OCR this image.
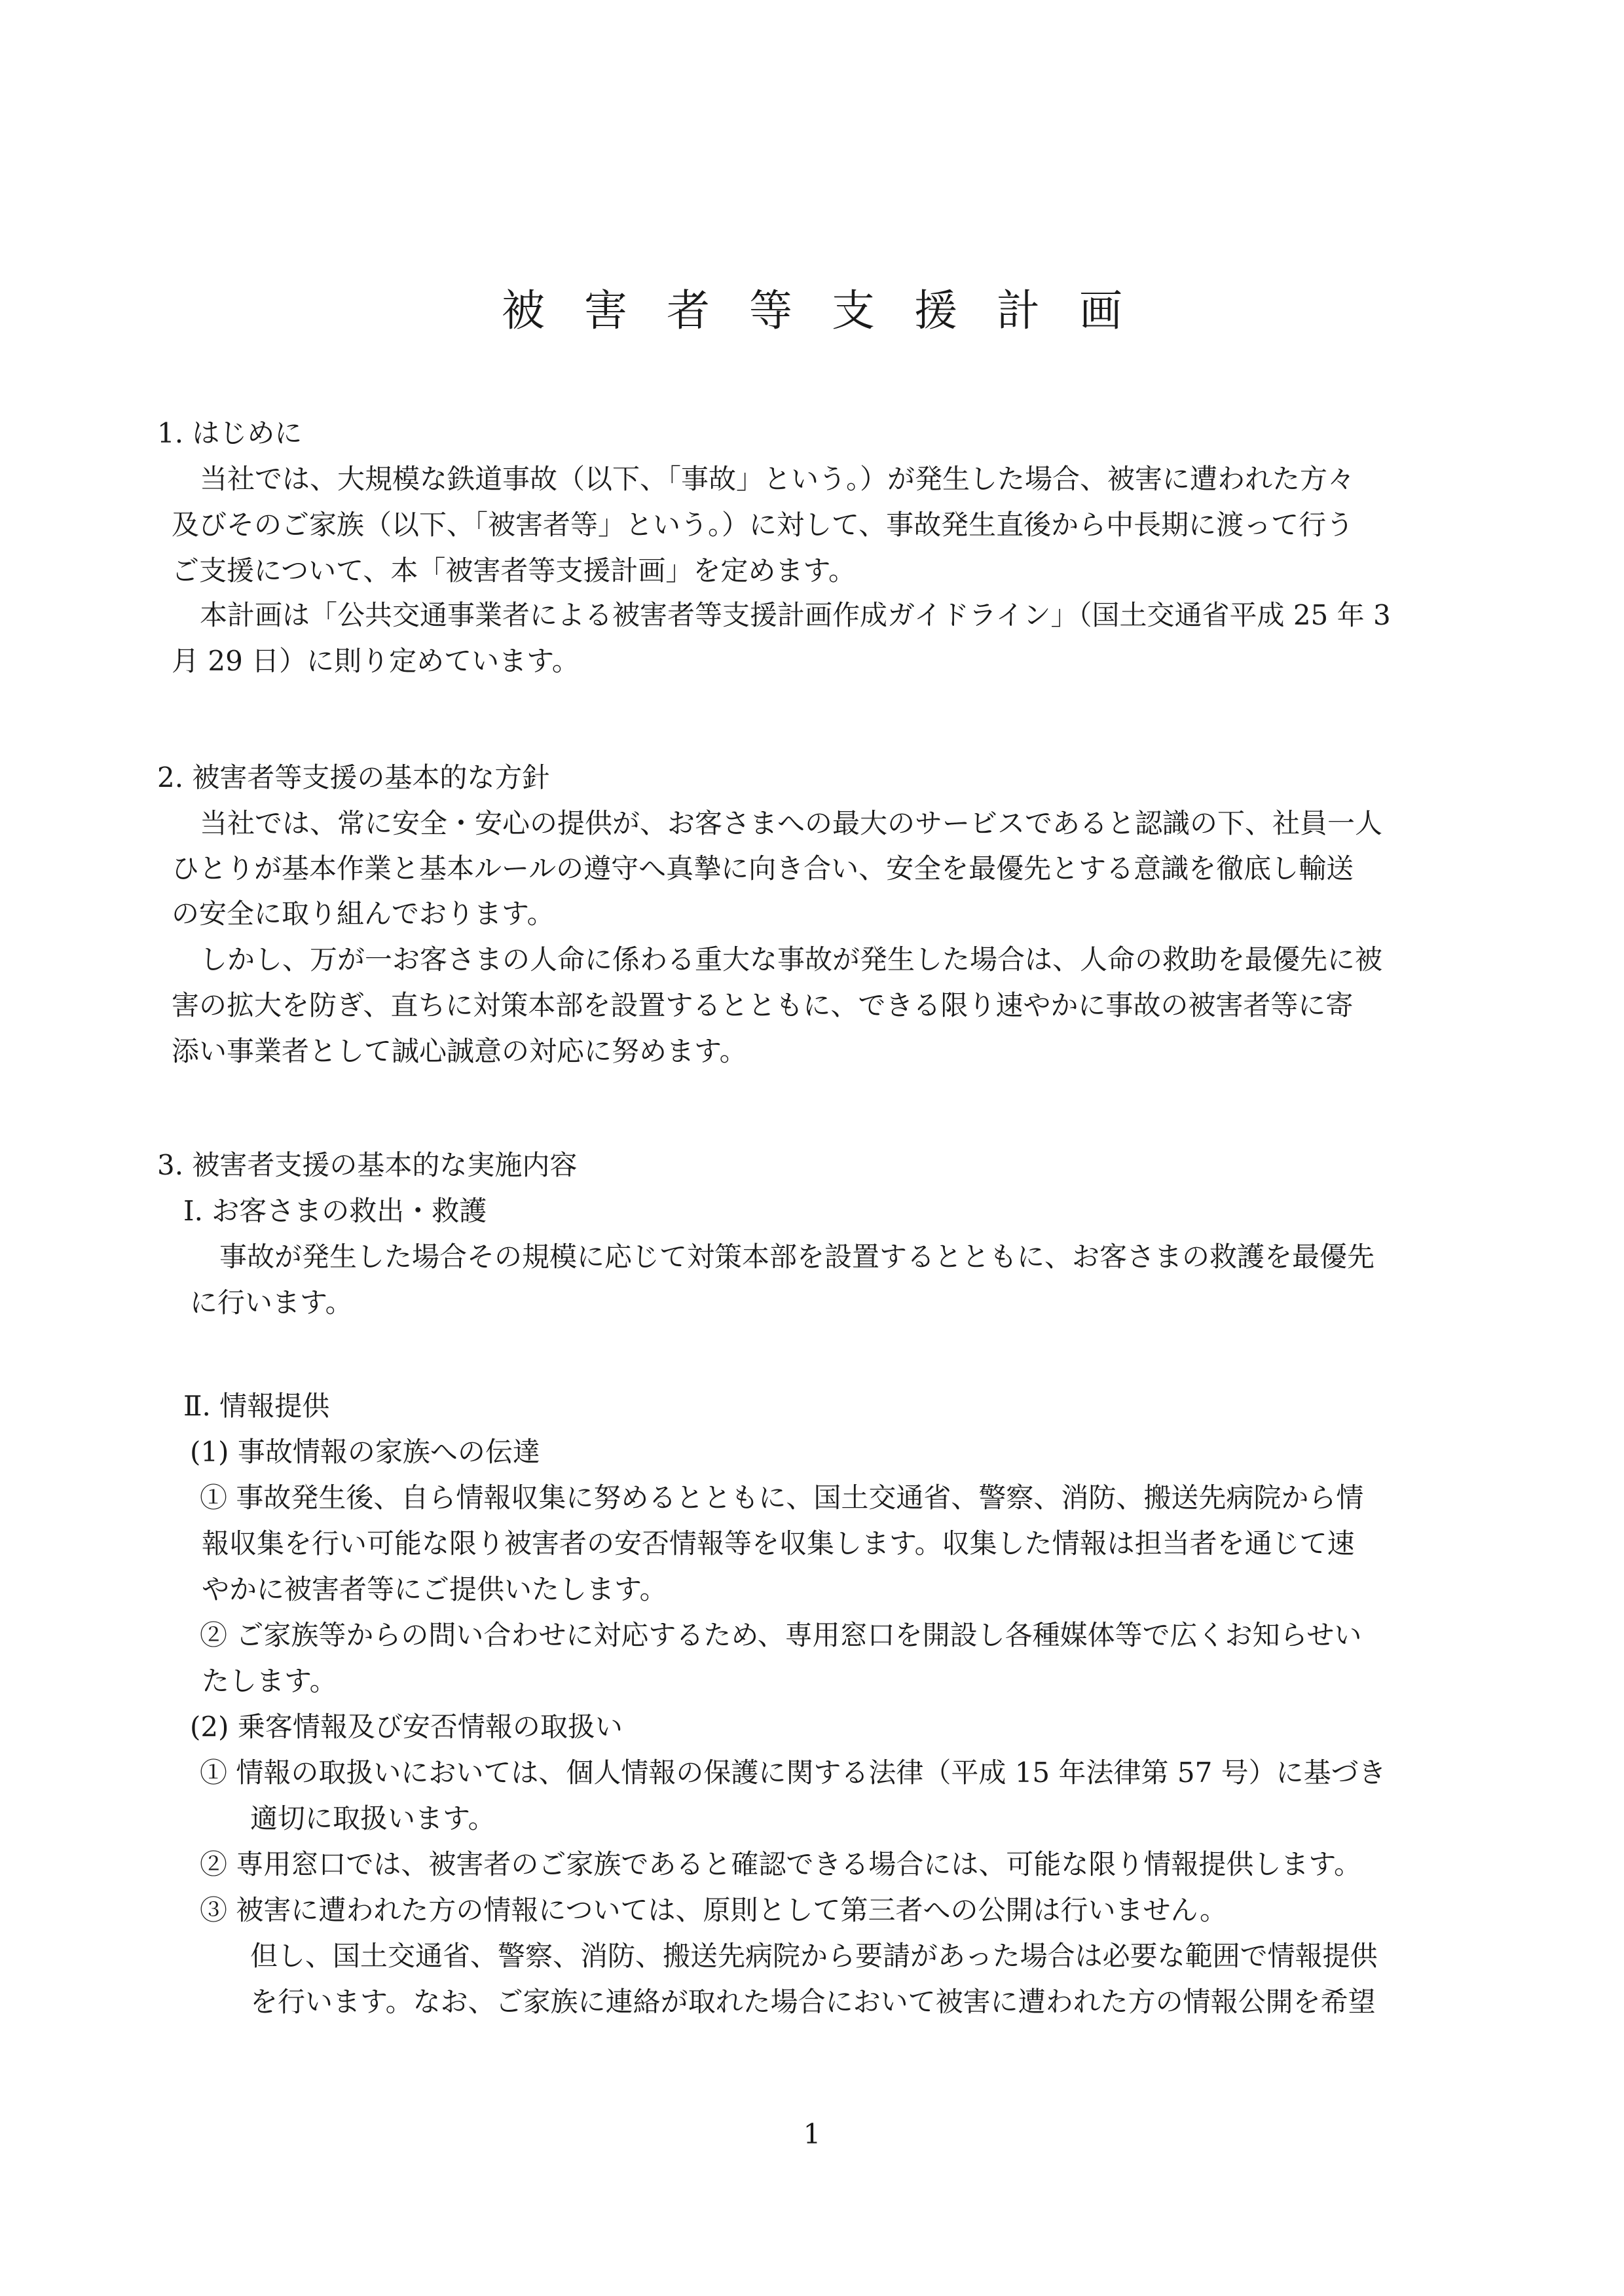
被害者等支援計画
1. はじめに
当社では、大規模な鉄道事故（以下、「事故」という。）が発生した場合、被害に遭われた方々
及びそのご家族（以下、「被害者等」という。）に対して、事故発生直後から中長期に渡って行う
ご支援について、本「被害者等支援計画」を定めます。
本計画は「公共交通事業者による被害者等支援計画作成ガイドライン」（国土交通省平成 25 年 3
月 29 日）に則り定めています。
2. 被害者等支援の基本的な方針
当社では、常に安全・安心の提供が、お客さまへの最大のサービスであると認識の下、社員一人
ひとりが基本作業と基本ルールの遵守へ真摯に向き合い、安全を最優先とする意識を徹底し輸送
の安全に取り組んでおります。
しかし、万が一お客さまの人命に係わる重大な事故が発生した場合は、人命の救助を最優先に被
害の拡大を防ぎ、直ちに対策本部を設置するとともに、できる限り速やかに事故の被害者等に寄
添い事業者として誠心誠意の対応に努めます。
3. 被害者支援の基本的な実施内容
Ⅰ. お客さまの救出・救護
事故が発生した場合その規模に応じて対策本部を設置するとともに、お客さまの救護を最優先
に行います。
Ⅱ. 情報提供
(1) 事故情報の家族への伝達
① 事故発生後、自ら情報収集に努めるとともに、国土交通省、警察、消防、搬送先病院から情
報収集を行い可能な限り被害者の安否情報等を収集します。収集した情報は担当者を通じて速
やかに被害者等にご提供いたします。
② ご家族等からの問い合わせに対応するため、専用窓口を開設し各種媒体等で広くお知らせい
たします。
(2) 乗客情報及び安否情報の取扱い
① 情報の取扱いにおいては、個人情報の保護に関する法律（平成 15 年法律第 57 号）に基づき
適切に取扱います。
② 専用窓口では、被害者のご家族であると確認できる場合には、可能な限り情報提供します。
③ 被害に遭われた方の情報については、原則として第三者への公開は行いません。
但し、国土交通省、警察、消防、搬送先病院から要請があった場合は必要な範囲で情報提供
を行います。なお、ご家族に連絡が取れた場合において被害に遭われた方の情報公開を希望
1
